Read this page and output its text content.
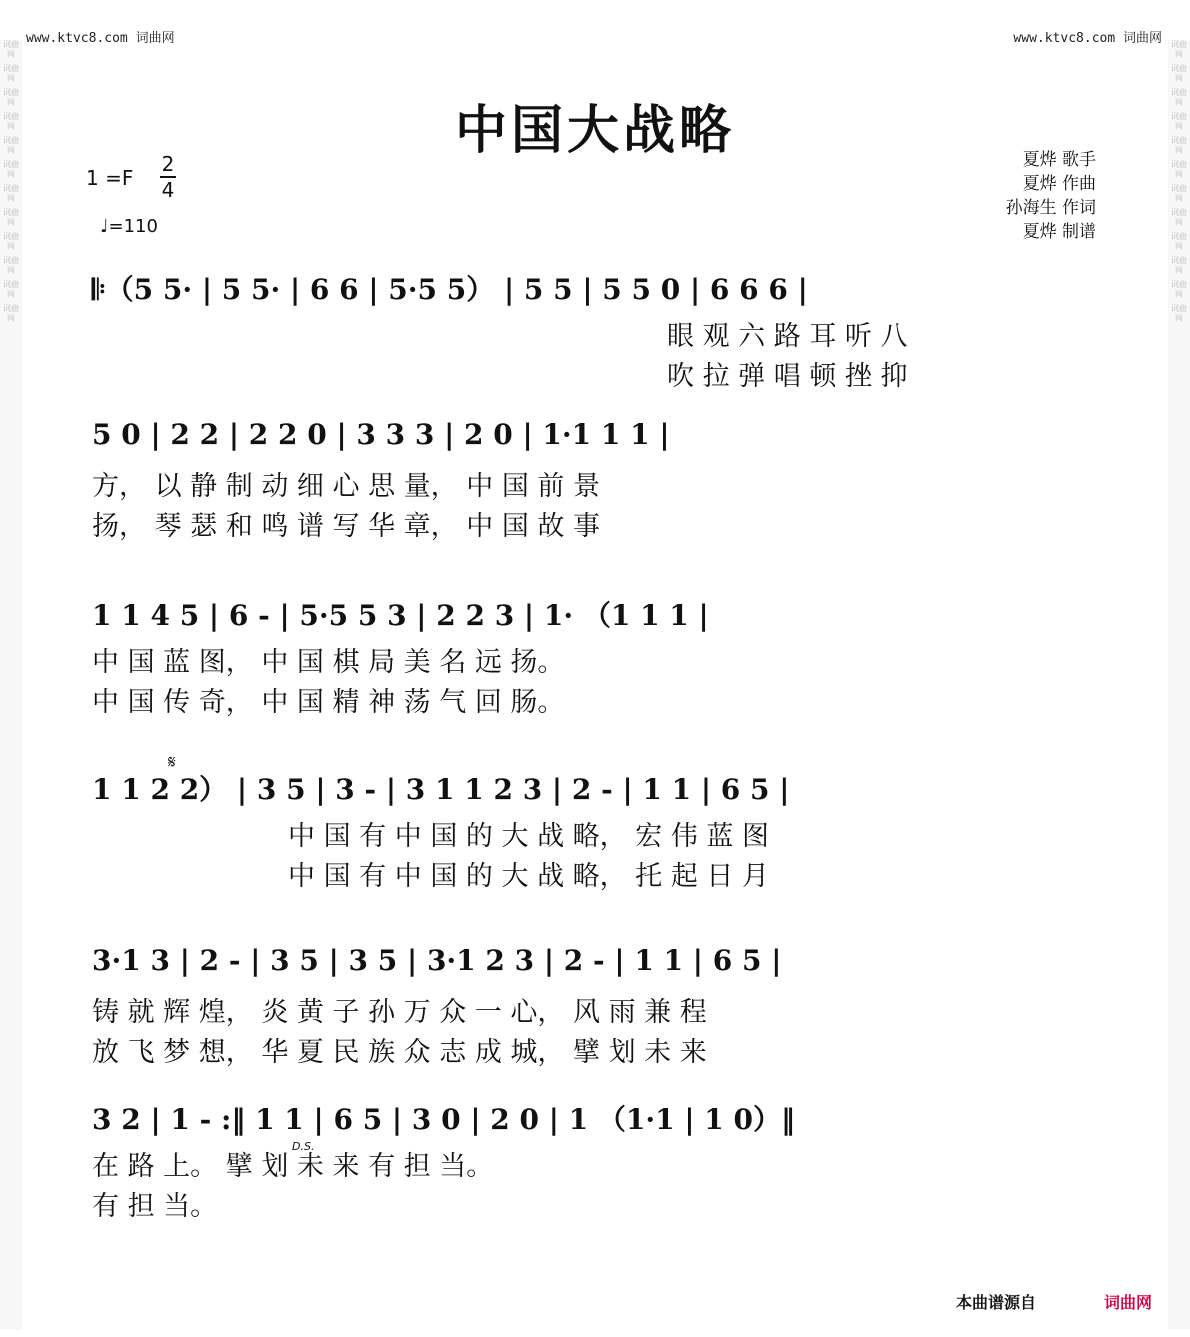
词曲网
词曲网
词曲网
词曲网
词曲网
词曲网
词曲网
词曲网
词曲网
词曲网
词曲网
词曲网
词曲网
词曲网
词曲网
词曲网
词曲网
词曲网
词曲网
词曲网
词曲网
词曲网
词曲网
词曲网
www.ktvc8.com 词曲网	www.ktvc8.com 词曲网
中国大战略
1 =F
2
4
♩=110
夏烨 歌手
夏烨 作曲
孙海生 作词
夏烨 制谱
𝄆（5 5· | 5 5· | 6 6 | 5·5 5） | 5 5 | 5 5 0 | 6 6 6 |
眼 观 六 路 耳 听 八
吹 拉 弹 唱 顿 挫 抑
5 0 | 2 2 | 2 2 0 | 3 3 3 | 2 0 | 1·1 1 1 |
方， 以 静 制 动 细 心 思 量， 中 国 前 景
扬， 琴 瑟 和 鸣 谱 写 华 章， 中 国 故 事
1 1 4 5 | 6 - | 5·5 5 3 | 2 2 3 | 1· （1 1 1 |
中 国 蓝 图， 中 国 棋 局 美 名 远 扬。
中 国 传 奇， 中 国 精 神 荡 气 回 肠。
𝄋
1 1 2 2） | 3 5 | 3 - | 3 1 1 2 3 | 2 - | 1 1 | 6 5 |
中 国 有 中 国 的 大 战 略， 宏 伟 蓝 图
中 国 有 中 国 的 大 战 略， 托 起 日 月
3·1 3 | 2 - | 3 5 | 3 5 | 3·1 2 3 | 2 - | 1 1 | 6 5 |
铸 就 辉 煌， 炎 黄 子 孙 万 众 一 心， 风 雨 兼 程
放 飞 梦 想， 华 夏 民 族 众 志 成 城， 擘 划 未 来
3 2 | 1 - :‖ 1 1 | 6 5 | 3 0 | 2 0 | 1 （1·1 | 1 0）‖
在 路 上。 擘 划 未 来 有 担 当。
有 担 当。
D.S.
本曲谱源自	词曲网
